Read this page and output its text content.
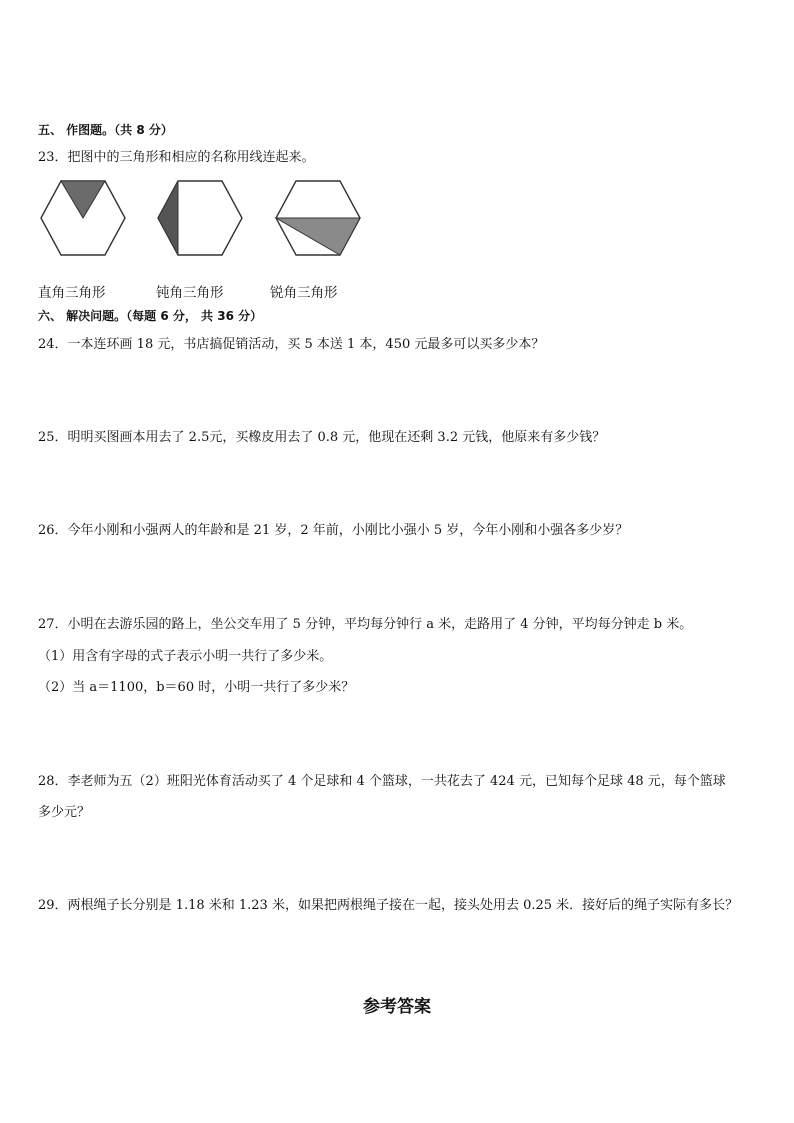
五、 作图题。（共 8 分）
23．把图中的三角形和相应的名称用线连起来。
直角三角形	钝角三角形	锐角三角形
六、 解决问题。（每题 6 分， 共 36 分）
24．一本连环画 18 元，书店搞促销活动，买 5 本送 1 本，450 元最多可以买多少本？
25．明明买图画本用去了 2.5元，买橡皮用去了 0.8 元，他现在还剩 3.2 元钱，他原来有多少钱？
26．今年小刚和小强两人的年龄和是 21 岁，2 年前，小刚比小强小 5 岁，今年小刚和小强各多少岁？
27．小明在去游乐园的路上，坐公交车用了 5 分钟，平均每分钟行 a 米，走路用了 4 分钟，平均每分钟走 b 米。
（1）用含有字母的式子表示小明一共行了多少米。
（2）当 a＝1100，b＝60 时，小明一共行了多少米？
28．李老师为五（2）班阳光体育活动买了 4 个足球和 4 个篮球，一共花去了 424 元，已知每个足球 48 元，每个篮球
多少元？
29．两根绳子长分别是 1.18 米和 1.23 米，如果把两根绳子接在一起，接头处用去 0.25 米．接好后的绳子实际有多长？
参考答案
